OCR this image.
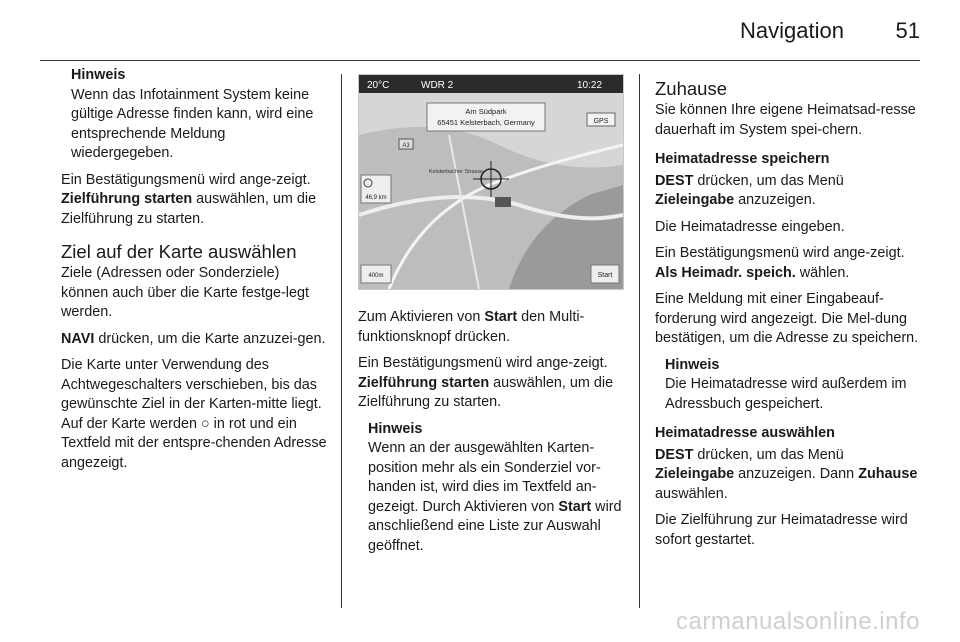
Navigation 51
Hinweis
Wenn das Infotainment System keine gültige Adresse finden kann, wird eine entsprechende Meldung wiedergegeben.

Ein Bestätigungsmenü wird ange-zeigt. Zielführung starten auswählen, um die Zielführung zu starten.

Ziel auf der Karte auswählen

Ziele (Adressen oder Sonderziele) können auch über die Karte festge-legt werden.

NAVI drücken, um die Karte anzuzei-gen.

Die Karte unter Verwendung des Achtwegeschalters verschieben, bis das gewünschte Ziel in der Karten-mitte liegt. Auf der Karte werden ○ in rot und ein Textfeld mit der entspre-chenden Adresse angezeigt.

20°C	WDR 2	10:22
Am Südpark
65451 Kelsterbach, Germany	GPS
A3
Kelsterbacher Strasse
46,9 km
400m	Start

Zum Aktivieren von Start den Multi-funktionsknopf drücken.

Ein Bestätigungsmenü wird ange-zeigt. Zielführung starten auswählen, um die Zielführung zu starten.

Hinweis
Wenn an der ausgewählten Karten-position mehr als ein Sonderziel vor-handen ist, wird dies im Textfeld an-gezeigt. Durch Aktivieren von Start wird anschließend eine Liste zur Auswahl geöffnet.
Zuhause

Sie können Ihre eigene Heimatsad-resse dauerhaft im System spei-chern.

Heimatadresse speichern

DEST drücken, um das Menü Zieleingabe anzuzeigen.

Die Heimatadresse eingeben.

Ein Bestätigungsmenü wird ange-zeigt. Als Heimadr. speich. wählen.

Eine Meldung mit einer Eingabeauf-forderung wird angezeigt. Die Mel-dung bestätigen, um die Adresse zu speichern.

Hinweis
Die Heimatadresse wird außerdem im Adressbuch gespeichert.
Heimatadresse auswählen

DEST drücken, um das Menü Zieleingabe anzuzeigen. Dann Zuhause auswählen.

Die Zielführung zur Heimatadresse wird sofort gestartet.

carmanualsonline.info
